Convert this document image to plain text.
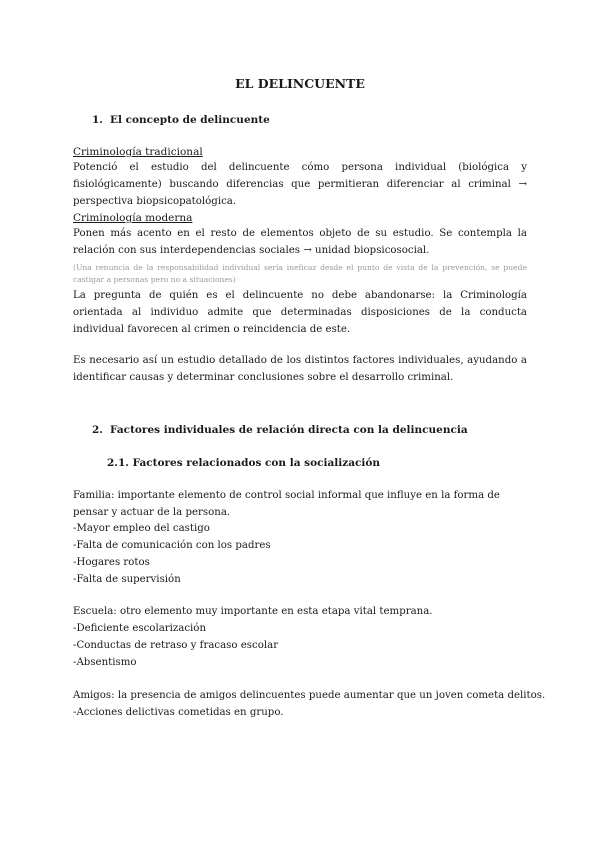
EL DELINCUENTE
1. El concepto de delincuente
Criminología tradicional
Potenció el estudio del delincuente cómo persona individual (biológica y fisiológicamente) buscando diferencias que permitieran diferenciar al criminal → perspectiva biopsicopatológica.
Criminología moderna
Ponen más acento en el resto de elementos objeto de su estudio. Se contempla la relación con sus interdependencias sociales → unidad biopsicosocial.
(Una renuncia de la responsabilidad individual sería ineficaz desde el punto de vista de la prevención, se puede castigar a personas pero no a situaciones)
La pregunta de quién es el delincuente no debe abandonarse: la Criminología orientada al individuo admite que determinadas disposiciones de la conducta individual favorecen al crimen o reincidencia de este.
Es necesario así un estudio detallado de los distintos factores individuales, ayudando a identificar causas y determinar conclusiones sobre el desarrollo criminal.
2. Factores individuales de relación directa con la delincuencia
2.1. Factores relacionados con la socialización
Familia: importante elemento de control social informal que influye en la forma de pensar y actuar de la persona.
-Mayor empleo del castigo
-Falta de comunicación con los padres
-Hogares rotos
-Falta de supervisión
Escuela: otro elemento muy importante en esta etapa vital temprana.
-Deficiente escolarización
-Conductas de retraso y fracaso escolar
-Absentismo
Amigos: la presencia de amigos delincuentes puede aumentar que un joven cometa delitos.
-Acciones delictivas cometidas en grupo.
